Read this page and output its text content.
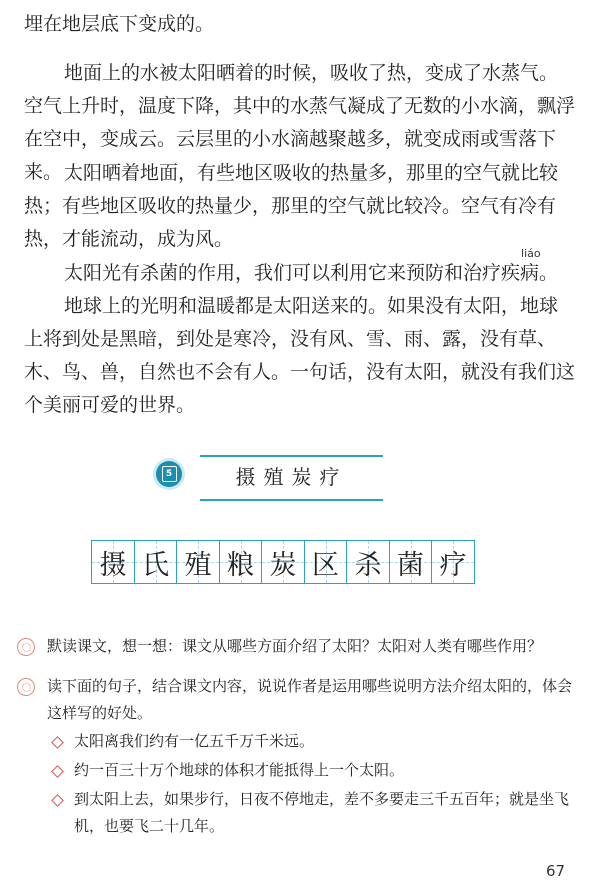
埋在地层底下变成的。

地面上的水被太阳晒着的时候，吸收了热，变成了水蒸气。空气上升时，温度下降，其中的水蒸气凝成了无数的小水滴，飘浮在空中，变成云。云层里的小水滴越聚越多，就变成雨或雪落下来。 太阳晒着地面，有些地区吸收的热量多，那里的空气就比较热；有些地区吸收的热量少，那里的空气就比较冷。空气有冷有热，才能流动，成为风。

太阳光有杀菌的作用，我们可以利用它来预防和治
liáo
疗疾病。

地球上的光明和温暖都是太阳送来的。如果没有太阳，地球上将到处是黑暗，到处是寒冷，没有风、雪、雨、露，没有草、木、鸟、兽，自然也不会有人。一句话，没有太阳，就没有我们这个美丽可爱的世界。

5	摄殖炭疗
摄 氏 殖 粮 炭 区 杀 菌 疗

默读课文，想一想：课文从哪些方面介绍了太阳？太阳对人类有哪些作用？

读下面的句子，结合课文内容，说说作者是运用哪些说明方法介绍太阳的，体会这样写的好处。

太阳离我们约有一亿五千万千米远。

约一百三十万个地球的体积才能抵得上一个太阳。

到太阳上去，如果步行，日夜不停地走，差不多要走三千五百年；就是坐飞机，也要飞二十几年。

67
